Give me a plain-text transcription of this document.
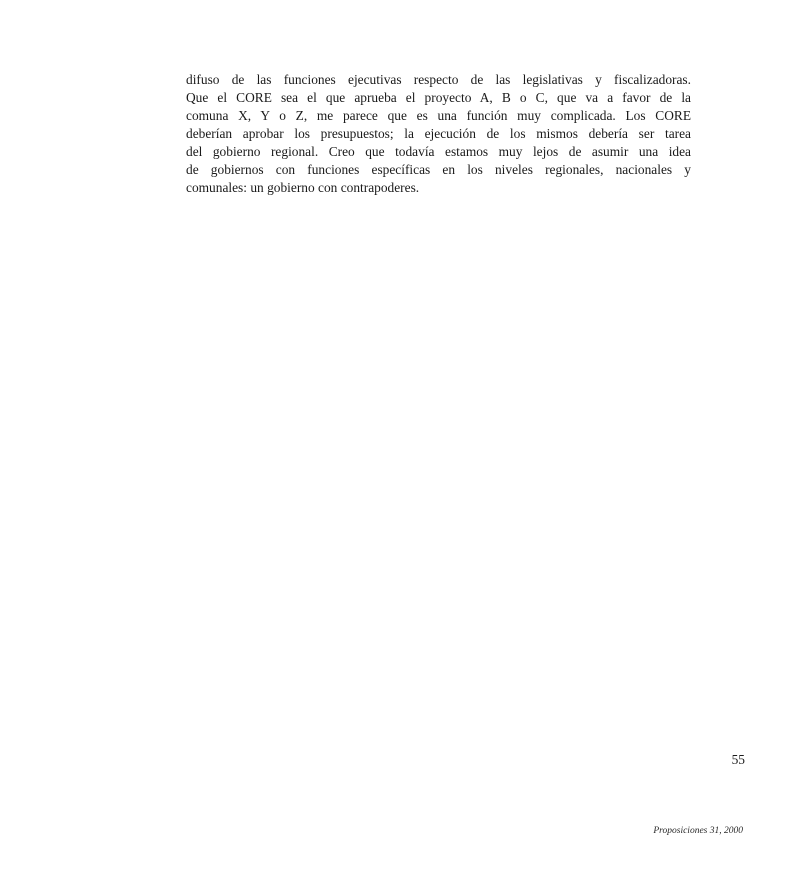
difuso de las funciones ejecutivas respecto de las legislativas y fiscalizadoras.
Que el CORE sea el que aprueba el proyecto A, B o C, que va a favor de la
comuna X, Y o Z, me parece que es una función muy complicada. Los CORE
deberían aprobar los presupuestos; la ejecución de los mismos debería ser tarea
del gobierno regional. Creo que todavía estamos muy lejos de asumir una idea
de gobiernos con funciones específicas en los niveles regionales, nacionales y
comunales: un gobierno con contrapoderes.
55
Proposiciones 31, 2000
